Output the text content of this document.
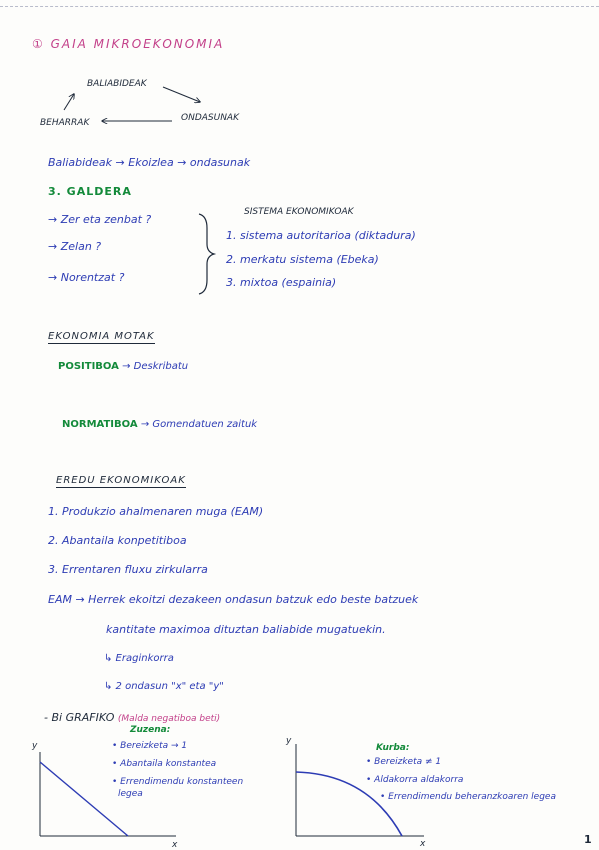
① GAIA MIKROEKONOMIA
BALIABIDEAK
BEHARRAK	ONDASUNAK
Baliabideak → Ekoizlea → ondasunak
3. GALDERA
→ Zer eta zenbat ?
→ Zelan ?
→ Norentzat ?
SISTEMA EKONOMIKOAK
1. sistema autoritarioa (diktadura)
2. merkatu sistema (Ebeka)
3. mixtoa (espainia)
EKONOMIA MOTAK
POSITIBOA → Deskribatu
NORMATIBOA → Gomendatuen zaituk
EREDU EKONOMIKOAK
1. Produkzio ahalmenaren muga (EAM)
2. Abantaila konpetitiboa
3. Errentaren fluxu zirkularra
EAM → Herrek ekoitzi dezakeen ondasun batzuk edo beste batzuek
kantitate maximoa dituztan baliabide mugatuekin.
↳ Eraginkorra
↳ 2 ondasun "x" eta "y"
- Bi GRAFIKO (Malda negatiboa beti)
y
x
Zuzena:
• Bereizketa → 1
• Abantaila konstantea
• Errendimendu konstanteen
legea
y
x
Kurba:
• Bereizketa ≠ 1
• Aldakorra aldakorra
• Errendimendu beheranzkoaren legea
1
